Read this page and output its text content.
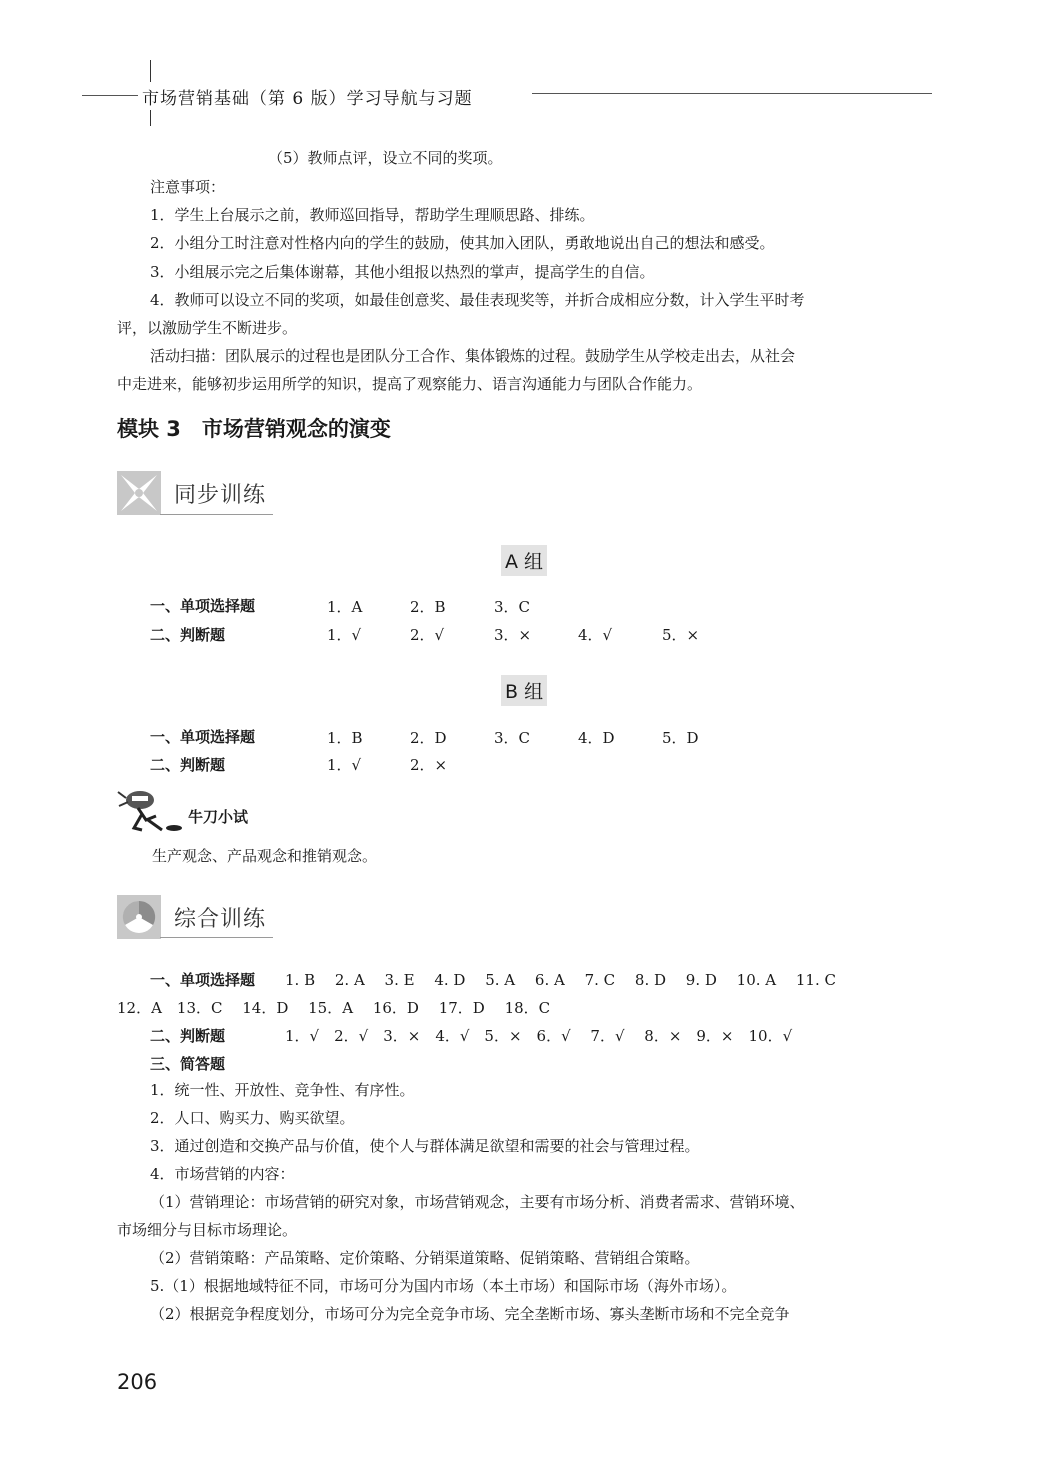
市场营销基础（第 6 版）学习导航与习题
（5）教师点评，设立不同的奖项。
注意事项：
1．学生上台展示之前，教师巡回指导，帮助学生理顺思路、排练。
2．小组分工时注意对性格内向的学生的鼓励，使其加入团队，勇敢地说出自己的想法和感受。
3．小组展示完之后集体谢幕，其他小组报以热烈的掌声，提高学生的自信。
4．教师可以设立不同的奖项，如最佳创意奖、最佳表现奖等，并折合成相应分数，计入学生平时考
评，以激励学生不断进步。
活动扫描：团队展示的过程也是团队分工合作、集体锻炼的过程。鼓励学生从学校走出去，从社会
中走进来，能够初步运用所学的知识，提高了观察能力、语言沟通能力与团队合作能力。
模块 3　市场营销观念的演变
同步训练
A 组
一、单项选择题	1．A	2．B	3．C
二、判断题	1．√	2．√	3．×	4．√	5．×
B 组
一、单项选择题	1．B	2．D	3．C	4．D	5．D
二、判断题	1．√	2．×
牛刀小试
生产观念、产品观念和推销观念。
综合训练
一、单项选择题 1. B　 2. A　 3. E　 4. D　 5. A　 6. A　 7. C　 8. D　 9. D　 10. A　 11. C
12．A　13．C　 14．D　 15．A　 16．D　 17．D　 18．C
二、判断题	1．√　2．√　3．×　4．√　5．×　6．√　 7．√　 8．×　9．×　10．√
三、简答题
1．统一性、开放性、竞争性、有序性。
2．人口、购买力、购买欲望。
3．通过创造和交换产品与价值，使个人与群体满足欲望和需要的社会与管理过程。
4．市场营销的内容：
（1）营销理论：市场营销的研究对象，市场营销观念，主要有市场分析、消费者需求、营销环境、
市场细分与目标市场理论。
（2）营销策略：产品策略、定价策略、分销渠道策略、促销策略、营销组合策略。
5.（1）根据地域特征不同，市场可分为国内市场（本土市场）和国际市场（海外市场）。
（2）根据竞争程度划分，市场可分为完全竞争市场、完全垄断市场、寡头垄断市场和不完全竞争
206
